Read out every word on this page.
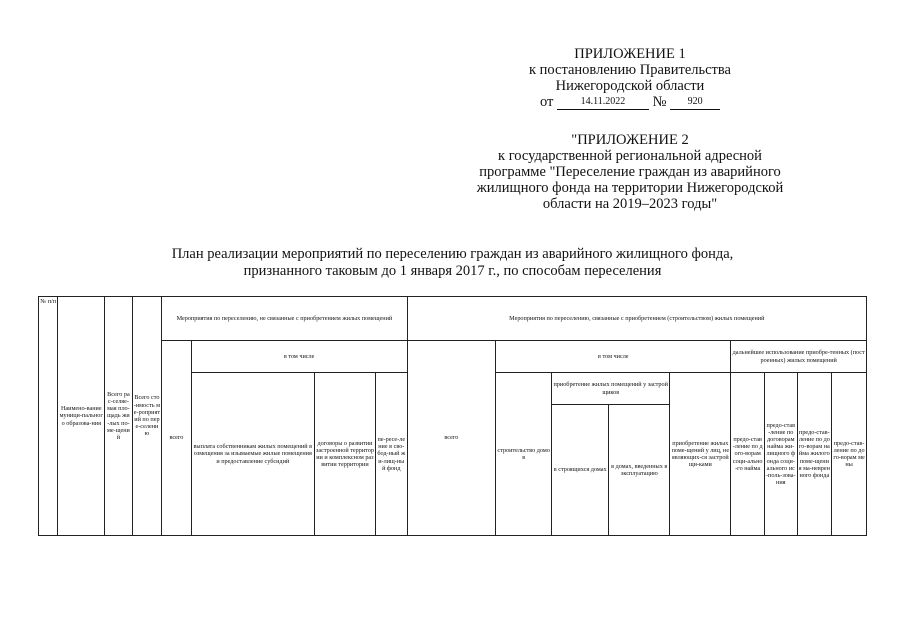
ПРИЛОЖЕНИЕ 1
к постановлению Правительства
Нижегородской области
от	14.11.2022 № 920
"ПРИЛОЖЕНИЕ 2
к государственной региональной адресной
программе "Переселение граждан из аварийного
жилищного фонда на территории Нижегородской
области на 2019–2023 годы"
План реализации мероприятий по переселению граждан из аварийного жилищного фонда,
признанного таковым до 1 января 2017 г., по способам переселения
№ п/п	Наимено-вание муници-пального образова-ния	Всего рас-селяе-мая пло-щадь жи-лых по-ме-щений	Всего сто-имость ме-роприятий по пере-селению	Мероприятия по переселению, не связанные с приобретением жилых помещений				Мероприятия по переселению, связанные с приобретением (строительством) жилых помещений								
				всего	в том числе			всего	в том числе				дальнейшее использование приобре-тенных (построенных) жилых помещений			
					выплата собственникам жилых помещений возмещения за изымаемые жилые помещения и предоставление субсидий	договоры о развитии застроенной территории и комплексном развитии территории	пе-ресе-ление в сво-бод-ный жи-лищ-ный фонд		строительство домов	приобретение жилых помещений у застройщиков		приобретение жилых поме-щений у лиц, не являющих-ся застройщи-ками	предо-став-ление по дого-ворам соци-ально-го найма	предо-став-ление по договорам найма жи-лищного фонда соци-ального ис-поль-зова-ния	предо-став-ление по дого-ворам найма жилого поме-щения ма-невренного фонда	предо-став-ление по дого-ворам мены
										в строящихся домах	в домах, введенных в эксплуатацию					
